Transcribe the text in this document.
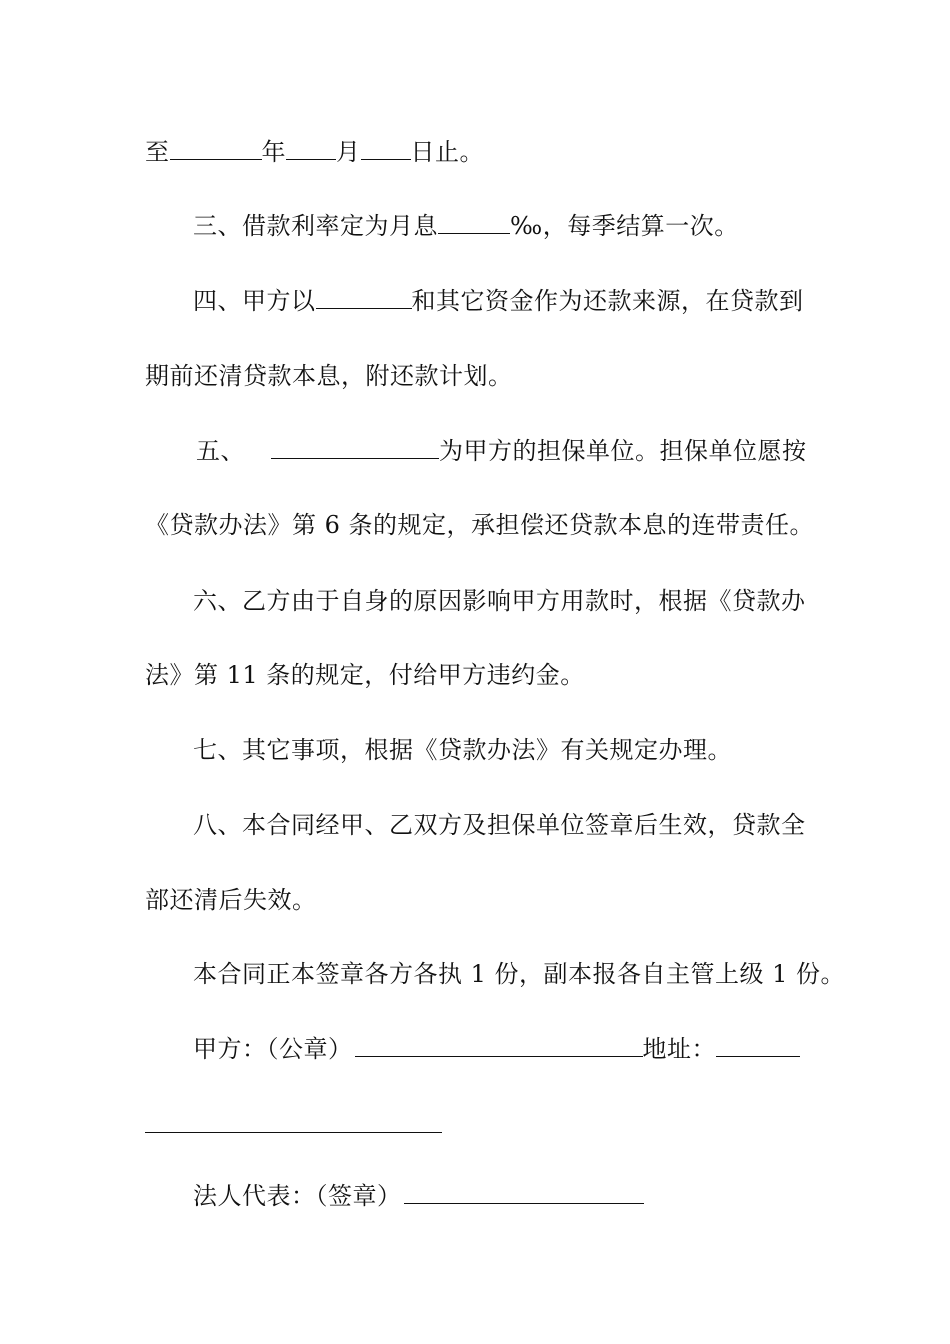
至	年 月 日止。
三、借款利率定为月息	‰，每季结算一次。
四、甲方以	和其它资金作为还款来源，在贷款到
期前还清贷款本息，附还款计划。
五、	为甲方的担保单位。担保单位愿按
《贷款办法》第 6 条的规定，承担偿还贷款本息的连带责任。
六、乙方由于自身的原因影响甲方用款时，根据《贷款办
法》第 11 条的规定，付给甲方违约金。
七、其它事项，根据《贷款办法》有关规定办理。
八、本合同经甲、乙双方及担保单位签章后生效，贷款全
部还清后失效。
本合同正本签章各方各执 1 份，副本报各自主管上级 1 份。
甲方：（公章）	地址：
法人代表：（签章）
